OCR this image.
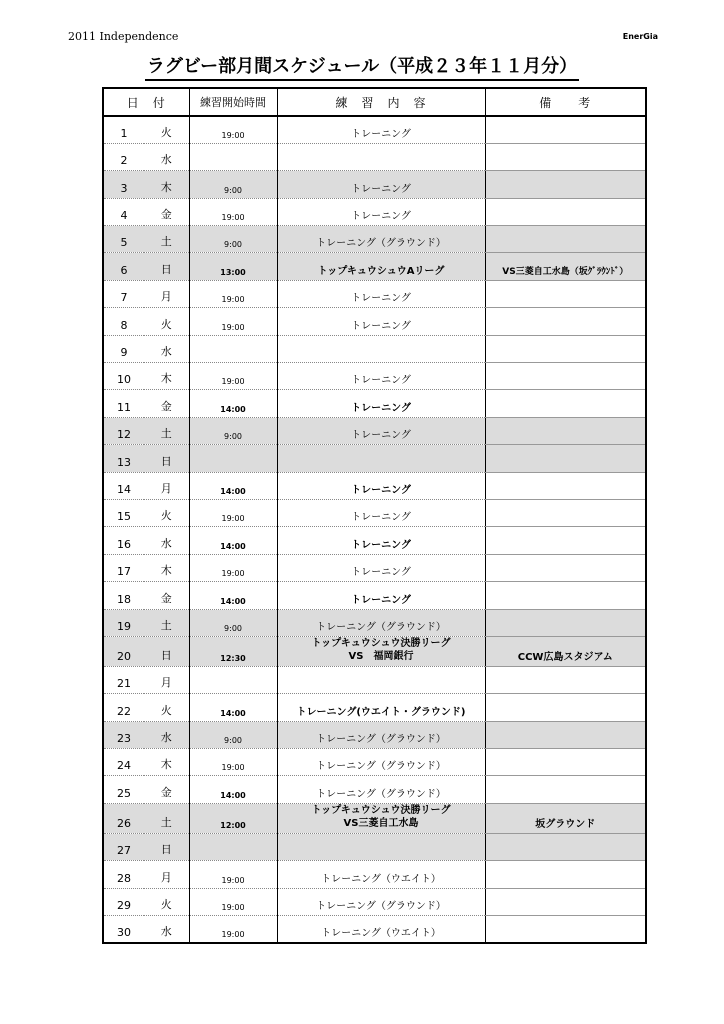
2011 Independence	EnerGia
ラグビー部月間スケジュール（平成２３年１１月分）
日　付		練習開始時間	練　習　内　容	備　　考
1	火	19:00	トレーニング	
2	水			
3	木	9:00	トレーニング	
4	金	19:00	トレーニング	
5	土	9:00	トレーニング（グラウンド）	
6	日	13:00	トップキュウシュウAリーグ	VS三菱自工水島（坂ｸﾞﾗｳﾝﾄﾞ）
7	月	19:00	トレーニング	
8	火	19:00	トレーニング	
9	水			
10	木	19:00	トレーニング	
11	金	14:00	トレーニング	
12	土	9:00	トレーニング	
13	日			
14	月	14:00	トレーニング	
15	火	19:00	トレーニング	
16	水	14:00	トレーニング	
17	木	19:00	トレーニング	
18	金	14:00	トレーニング	
19	土	9:00	トレーニング（グラウンド）	
20	日	12:30	トップキュウシュウ決勝リーグ
VS　福岡銀行	CCW広島スタジアム
21	月			
22	火	14:00	トレーニング(ウエイト・グラウンド)	
23	水	9:00	トレーニング（グラウンド）	
24	木	19:00	トレーニング（グラウンド）	
25	金	14:00	トレーニング（グラウンド）	
26	土	12:00	トップキュウシュウ決勝リーグ
VS三菱自工水島	坂グラウンド
27	日			
28	月	19:00	トレーニング（ウエイト）	
29	火	19:00	トレーニング（グラウンド）	
30	水	19:00	トレーニング（ウエイト）	
